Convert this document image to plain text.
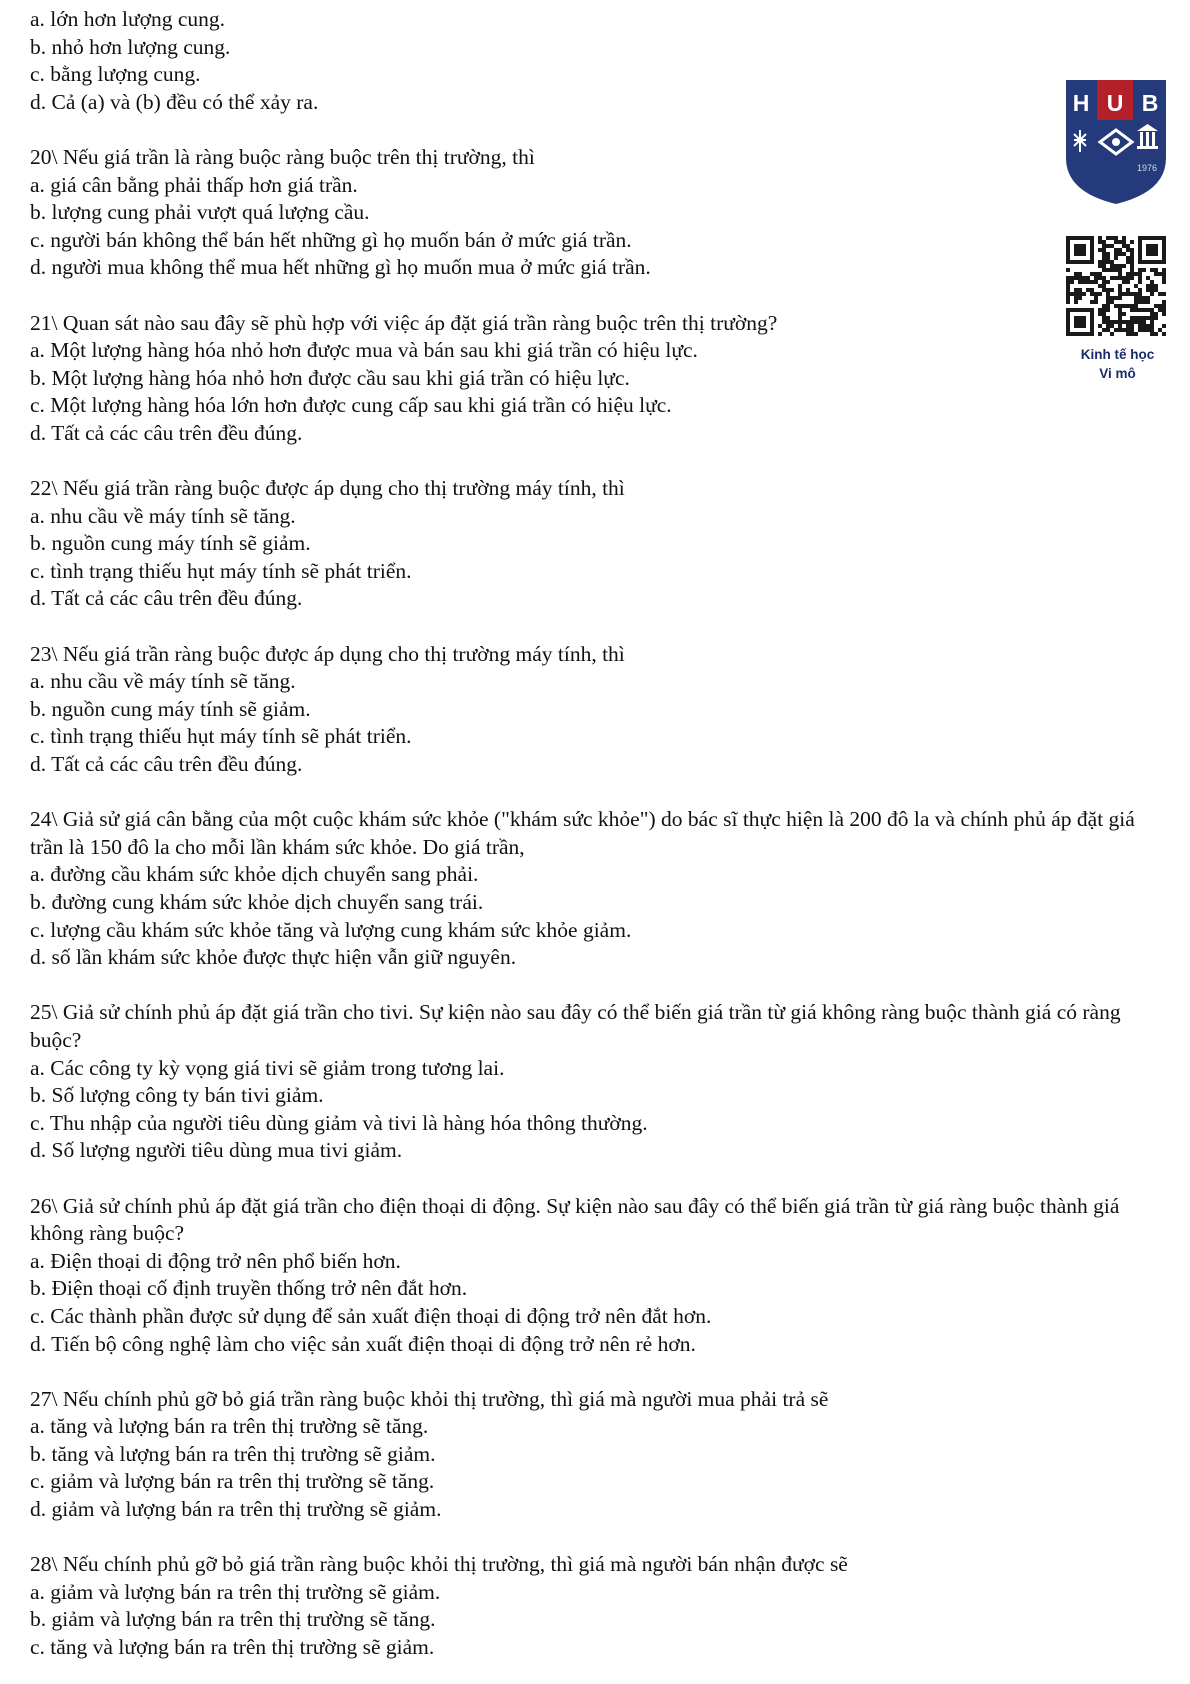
a. lớn hơn lượng cung.
b. nhỏ hơn lượng cung.
c. bằng lượng cung.
d. Cả (a) và (b) đều có thể xảy ra.
20\ Nếu giá trần là ràng buộc ràng buộc trên thị trường, thì
a. giá cân bằng phải thấp hơn giá trần.
b. lượng cung phải vượt quá lượng cầu.
c. người bán không thể bán hết những gì họ muốn bán ở mức giá trần.
d. người mua không thể mua hết những gì họ muốn mua ở mức giá trần.
21\ Quan sát nào sau đây sẽ phù hợp với việc áp đặt giá trần ràng buộc trên thị trường?
a. Một lượng hàng hóa nhỏ hơn được mua và bán sau khi giá trần có hiệu lực.
b. Một lượng hàng hóa nhỏ hơn được cầu sau khi giá trần có hiệu lực.
c. Một lượng hàng hóa lớn hơn được cung cấp sau khi giá trần có hiệu lực.
d. Tất cả các câu trên đều đúng.
22\ Nếu giá trần ràng buộc được áp dụng cho thị trường máy tính, thì
a. nhu cầu về máy tính sẽ tăng.
b. nguồn cung máy tính sẽ giảm.
c. tình trạng thiếu hụt máy tính sẽ phát triển.
d. Tất cả các câu trên đều đúng.
23\ Nếu giá trần ràng buộc được áp dụng cho thị trường máy tính, thì
a. nhu cầu về máy tính sẽ tăng.
b. nguồn cung máy tính sẽ giảm.
c. tình trạng thiếu hụt máy tính sẽ phát triển.
d. Tất cả các câu trên đều đúng.
24\ Giả sử giá cân bằng của một cuộc khám sức khỏe ("khám sức khỏe") do bác sĩ thực hiện là 200 đô la và chính phủ áp đặt giá trần là 150 đô la cho mỗi lần khám sức khỏe. Do giá trần,
a. đường cầu khám sức khỏe dịch chuyển sang phải.
b. đường cung khám sức khỏe dịch chuyển sang trái.
c. lượng cầu khám sức khỏe tăng và lượng cung khám sức khỏe giảm.
d. số lần khám sức khỏe được thực hiện vẫn giữ nguyên.
25\ Giả sử chính phủ áp đặt giá trần cho tivi. Sự kiện nào sau đây có thể biến giá trần từ giá không ràng buộc thành giá có ràng buộc?
a. Các công ty kỳ vọng giá tivi sẽ giảm trong tương lai.
b. Số lượng công ty bán tivi giảm.
c. Thu nhập của người tiêu dùng giảm và tivi là hàng hóa thông thường.
d. Số lượng người tiêu dùng mua tivi giảm.
26\ Giả sử chính phủ áp đặt giá trần cho điện thoại di động. Sự kiện nào sau đây có thể biến giá trần từ giá ràng buộc thành giá không ràng buộc?
a. Điện thoại di động trở nên phổ biến hơn.
b. Điện thoại cố định truyền thống trở nên đắt hơn.
c. Các thành phần được sử dụng để sản xuất điện thoại di động trở nên đắt hơn.
d. Tiến bộ công nghệ làm cho việc sản xuất điện thoại di động trở nên rẻ hơn.
27\ Nếu chính phủ gỡ bỏ giá trần ràng buộc khỏi thị trường, thì giá mà người mua phải trả sẽ
a. tăng và lượng bán ra trên thị trường sẽ tăng.
b. tăng và lượng bán ra trên thị trường sẽ giảm.
c. giảm và lượng bán ra trên thị trường sẽ tăng.
d. giảm và lượng bán ra trên thị trường sẽ giảm.
28\ Nếu chính phủ gỡ bỏ giá trần ràng buộc khỏi thị trường, thì giá mà người bán nhận được sẽ
a. giảm và lượng bán ra trên thị trường sẽ giảm.
b. giảm và lượng bán ra trên thị trường sẽ tăng.
c. tăng và lượng bán ra trên thị trường sẽ giảm.
H U B
1976
Kinh tế học
Vi mô
